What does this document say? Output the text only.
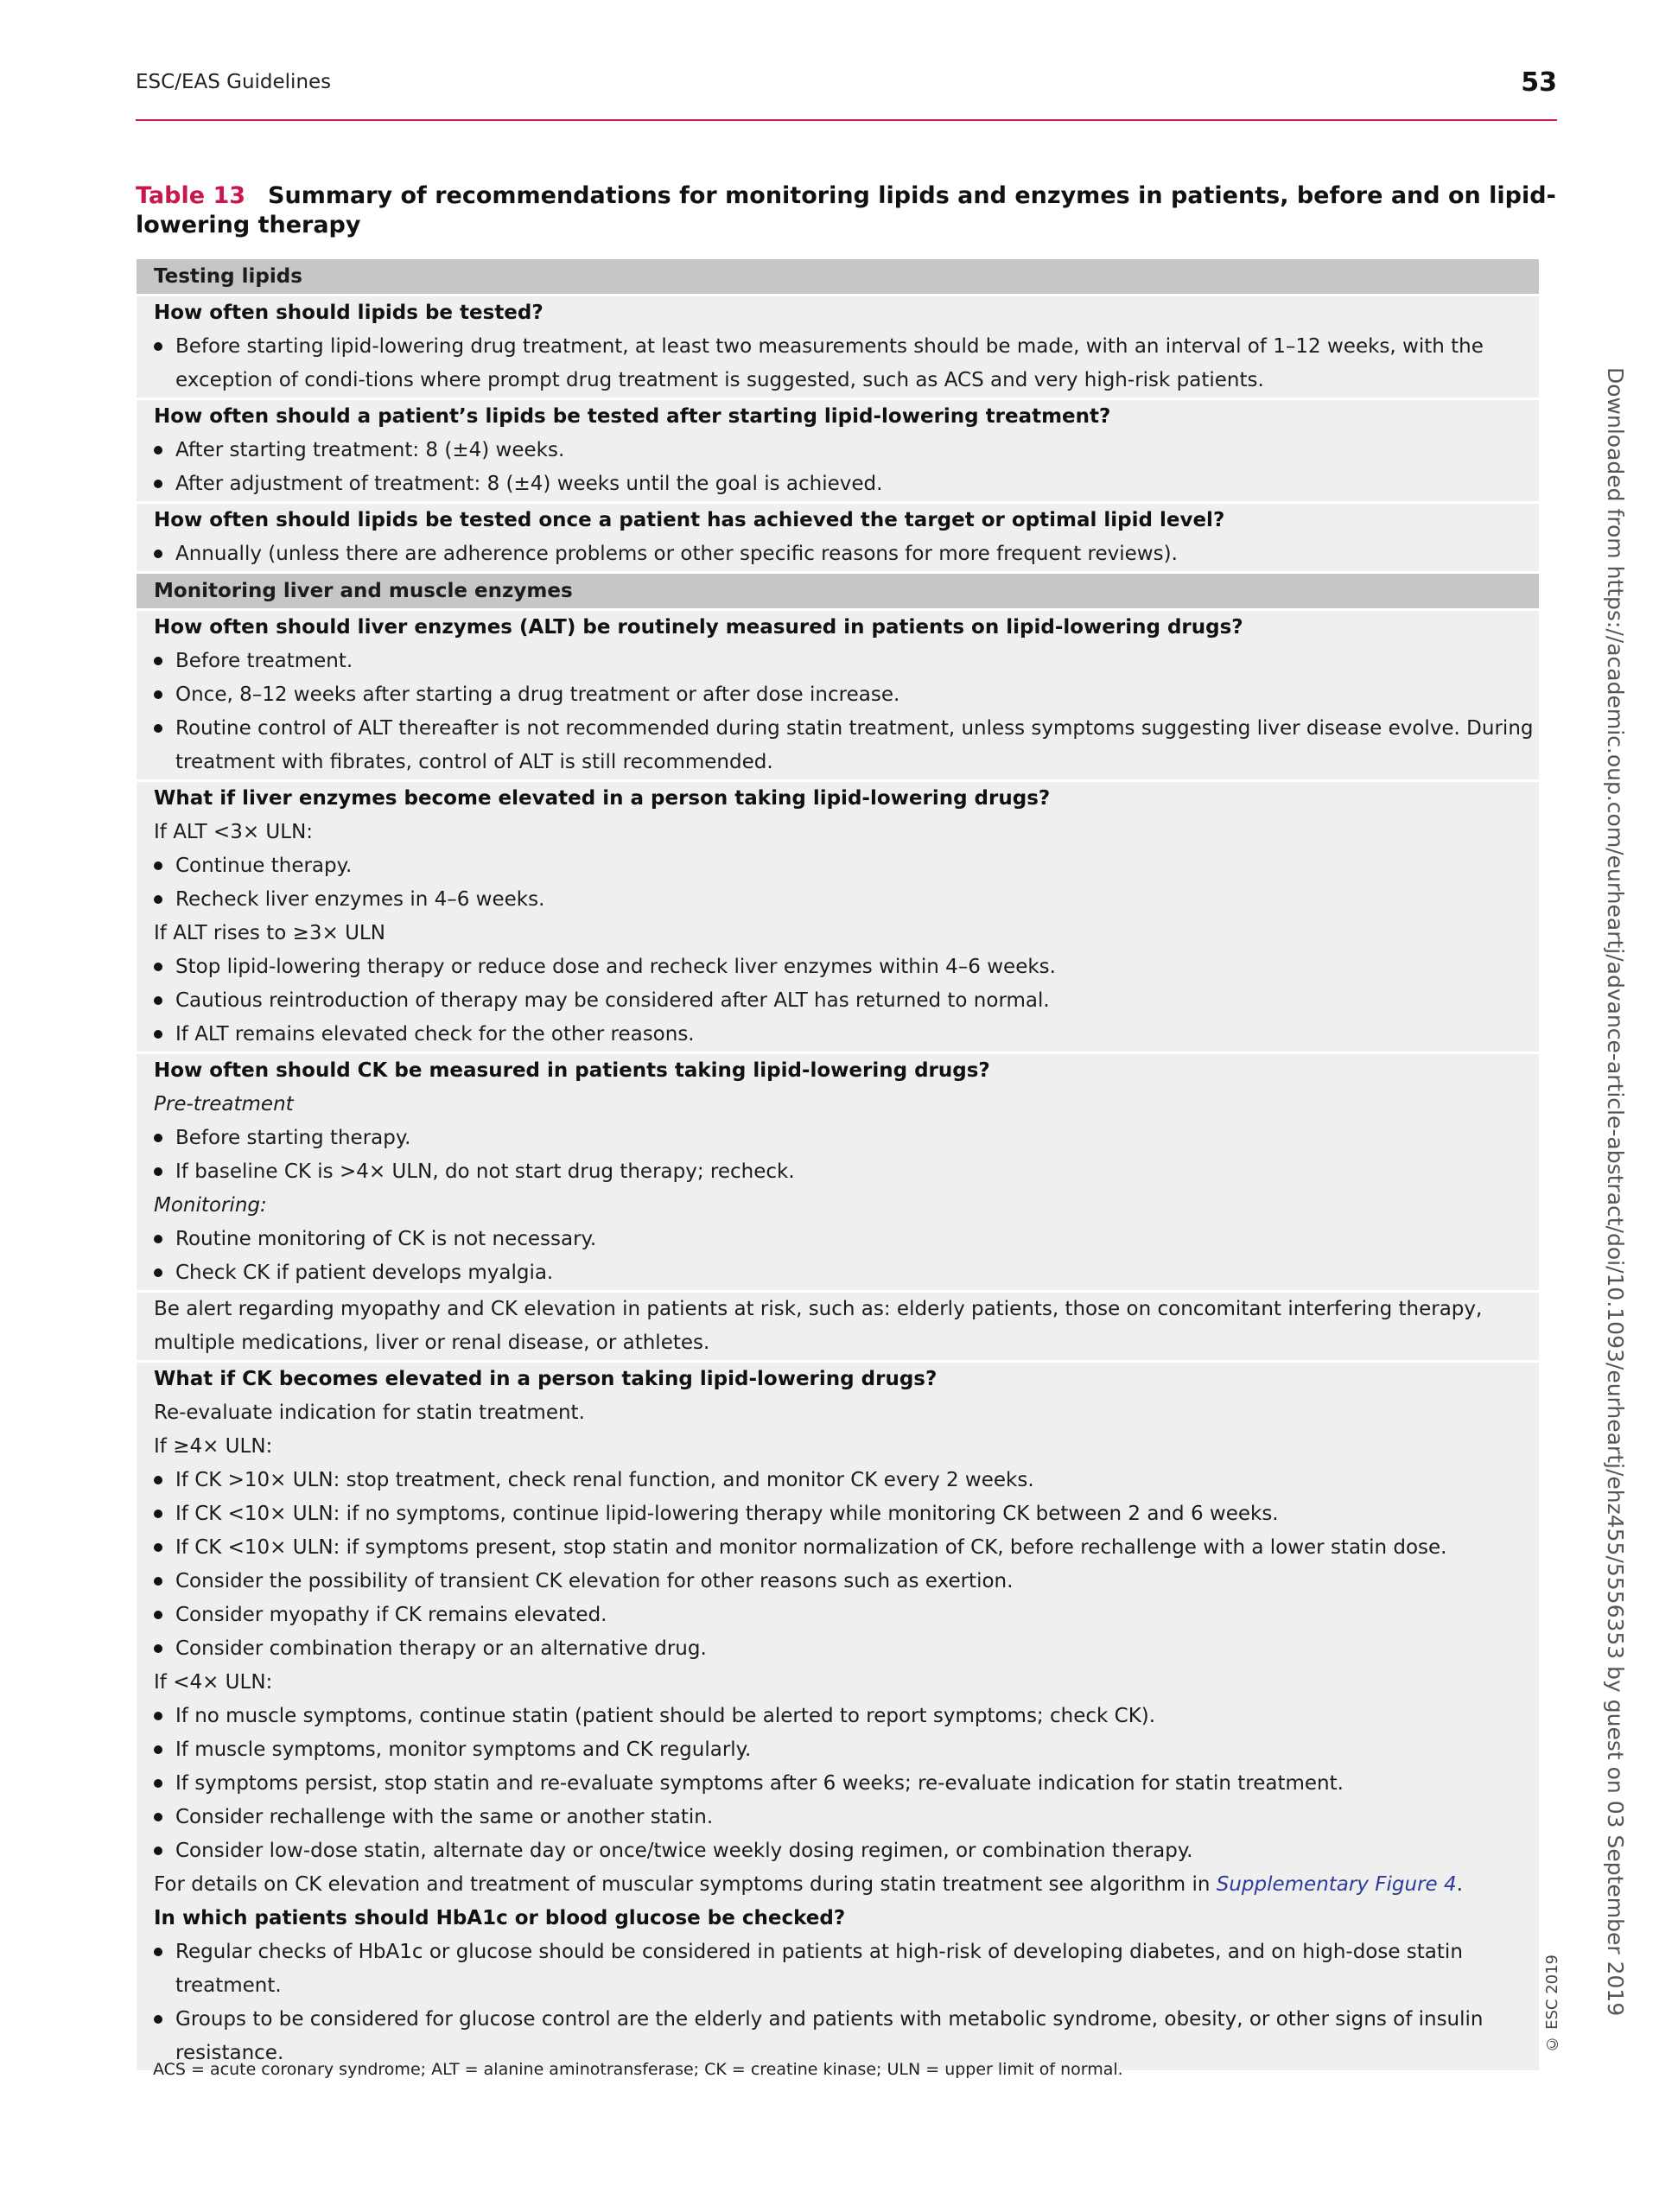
ESC/EAS Guidelines	53
Table 13 Summary of recommendations for monitoring lipids and enzymes in patients, before and on lipid-lowering therapy
Testing lipids
How often should lipids be tested?
Before starting lipid-lowering drug treatment, at least two measurements should be made, with an interval of 1–12 weeks, with the exception of condi-tions where prompt drug treatment is suggested, such as ACS and very high-risk patients.
How often should a patient’s lipids be tested after starting lipid-lowering treatment?
After starting treatment: 8 (±4) weeks.
After adjustment of treatment: 8 (±4) weeks until the goal is achieved.
How often should lipids be tested once a patient has achieved the target or optimal lipid level?
Annually (unless there are adherence problems or other specific reasons for more frequent reviews).
Monitoring liver and muscle enzymes
How often should liver enzymes (ALT) be routinely measured in patients on lipid-lowering drugs?
Before treatment.
Once, 8–12 weeks after starting a drug treatment or after dose increase.
Routine control of ALT thereafter is not recommended during statin treatment, unless symptoms suggesting liver disease evolve. During treatment with fibrates, control of ALT is still recommended.
What if liver enzymes become elevated in a person taking lipid-lowering drugs?
If ALT <3× ULN:
Continue therapy.
Recheck liver enzymes in 4–6 weeks.
If ALT rises to ≥3× ULN
Stop lipid-lowering therapy or reduce dose and recheck liver enzymes within 4–6 weeks.
Cautious reintroduction of therapy may be considered after ALT has returned to normal.
If ALT remains elevated check for the other reasons.
How often should CK be measured in patients taking lipid-lowering drugs?
Pre-treatment
Before starting therapy.
If baseline CK is >4× ULN, do not start drug therapy; recheck.
Monitoring:
Routine monitoring of CK is not necessary.
Check CK if patient develops myalgia.
Be alert regarding myopathy and CK elevation in patients at risk, such as: elderly patients, those on concomitant interfering therapy, multiple medications, liver or renal disease, or athletes.
What if CK becomes elevated in a person taking lipid-lowering drugs?
Re-evaluate indication for statin treatment.
If ≥4× ULN:
If CK >10× ULN: stop treatment, check renal function, and monitor CK every 2 weeks.
If CK <10× ULN: if no symptoms, continue lipid-lowering therapy while monitoring CK between 2 and 6 weeks.
If CK <10× ULN: if symptoms present, stop statin and monitor normalization of CK, before rechallenge with a lower statin dose.
Consider the possibility of transient CK elevation for other reasons such as exertion.
Consider myopathy if CK remains elevated.
Consider combination therapy or an alternative drug.
If <4× ULN:
If no muscle symptoms, continue statin (patient should be alerted to report symptoms; check CK).
If muscle symptoms, monitor symptoms and CK regularly.
If symptoms persist, stop statin and re-evaluate symptoms after 6 weeks; re-evaluate indication for statin treatment.
Consider rechallenge with the same or another statin.
Consider low-dose statin, alternate day or once/twice weekly dosing regimen, or combination therapy.
For details on CK elevation and treatment of muscular symptoms during statin treatment see algorithm in Supplementary Figure 4.
In which patients should HbA1c or blood glucose be checked?
Regular checks of HbA1c or glucose should be considered in patients at high-risk of developing diabetes, and on high-dose statin treatment.
Groups to be considered for glucose control are the elderly and patients with metabolic syndrome, obesity, or other signs of insulin resistance.
ACS = acute coronary syndrome; ALT = alanine aminotransferase; CK = creatine kinase; ULN = upper limit of normal.
Downloaded from https://academic.oup.com/eurheartj/advance-article-abstract/doi/10.1093/eurheartj/ehz455/5556353 by guest on 03 September 2019
© ESC 2019
